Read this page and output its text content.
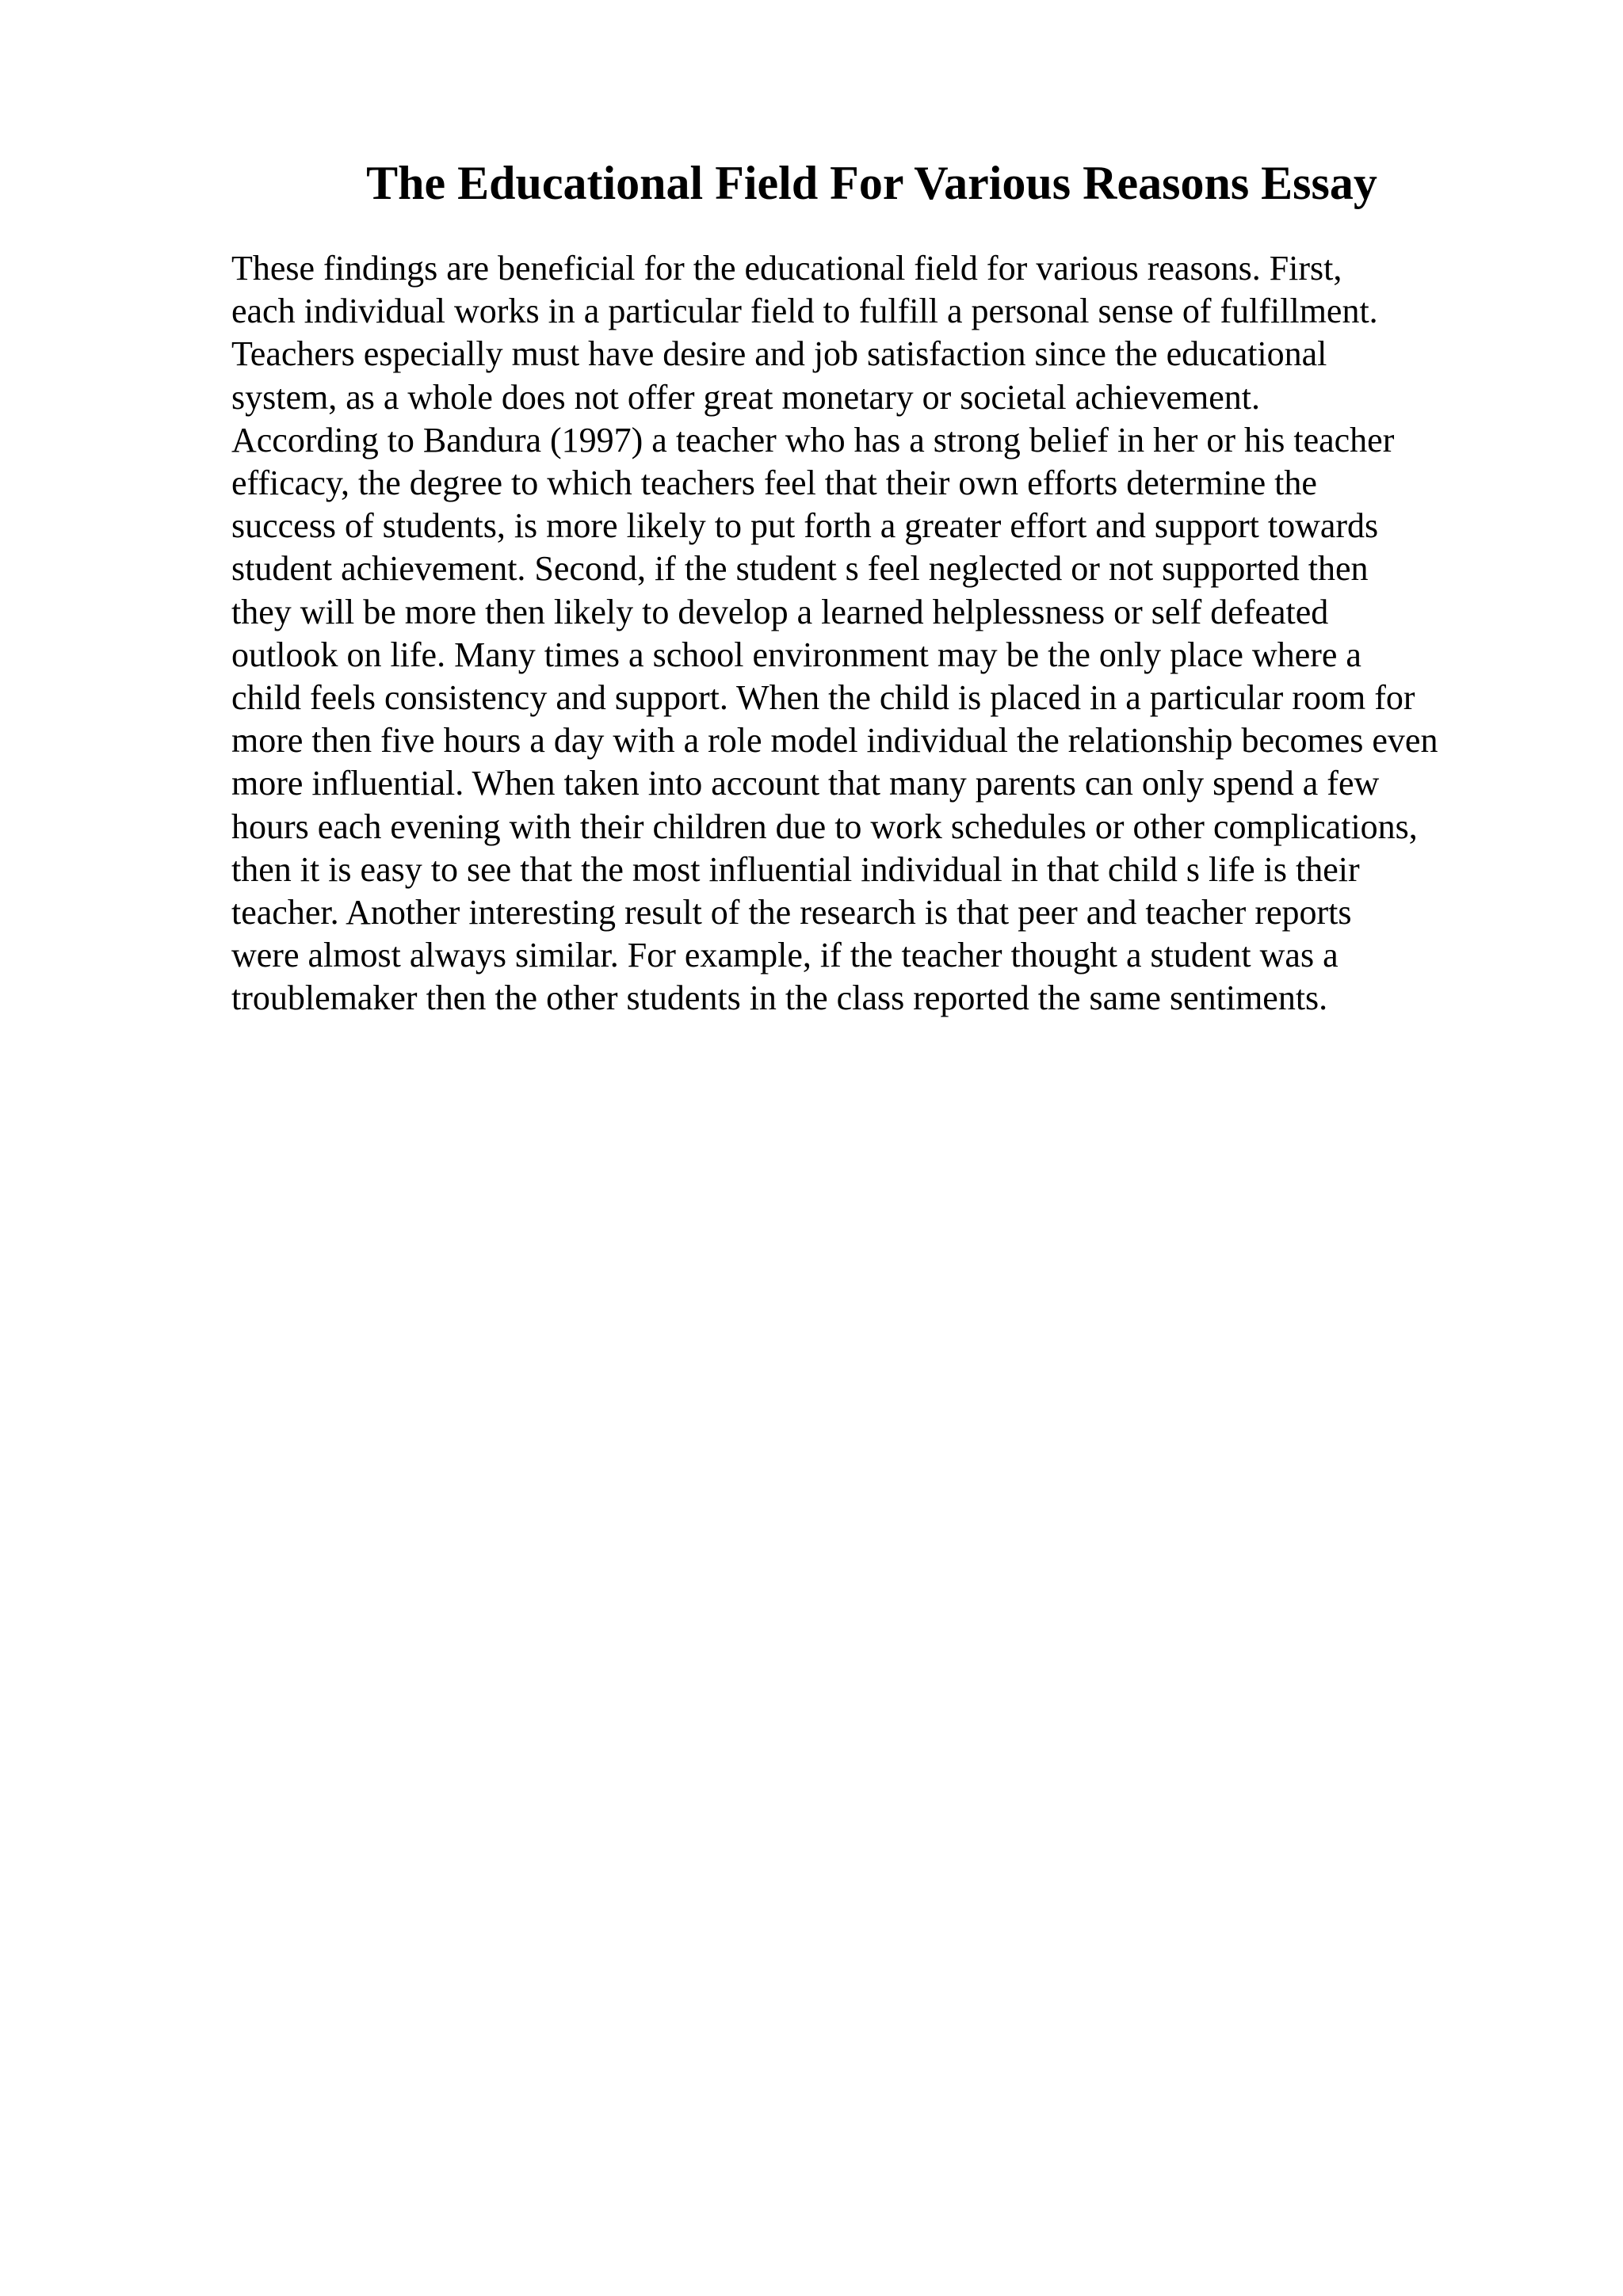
The Educational Field For Various Reasons Essay
These findings are beneficial for the educational field for various reasons. First,
each individual works in a particular field to fulfill a personal sense of fulfillment.
Teachers especially must have desire and job satisfaction since the educational
system, as a whole does not offer great monetary or societal achievement.
According to Bandura (1997) a teacher who has a strong belief in her or his teacher
efficacy, the degree to which teachers feel that their own efforts determine the
success of students, is more likely to put forth a greater effort and support towards
student achievement. Second, if the student s feel neglected or not supported then
they will be more then likely to develop a learned helplessness or self defeated
outlook on life. Many times a school environment may be the only place where a
child feels consistency and support. When the child is placed in a particular room for
more then five hours a day with a role model individual the relationship becomes even
more influential. When taken into account that many parents can only spend a few
hours each evening with their children due to work schedules or other complications,
then it is easy to see that the most influential individual in that child s life is their
teacher. Another interesting result of the research is that peer and teacher reports
were almost always similar. For example, if the teacher thought a student was a
troublemaker then the other students in the class reported the same sentiments.
